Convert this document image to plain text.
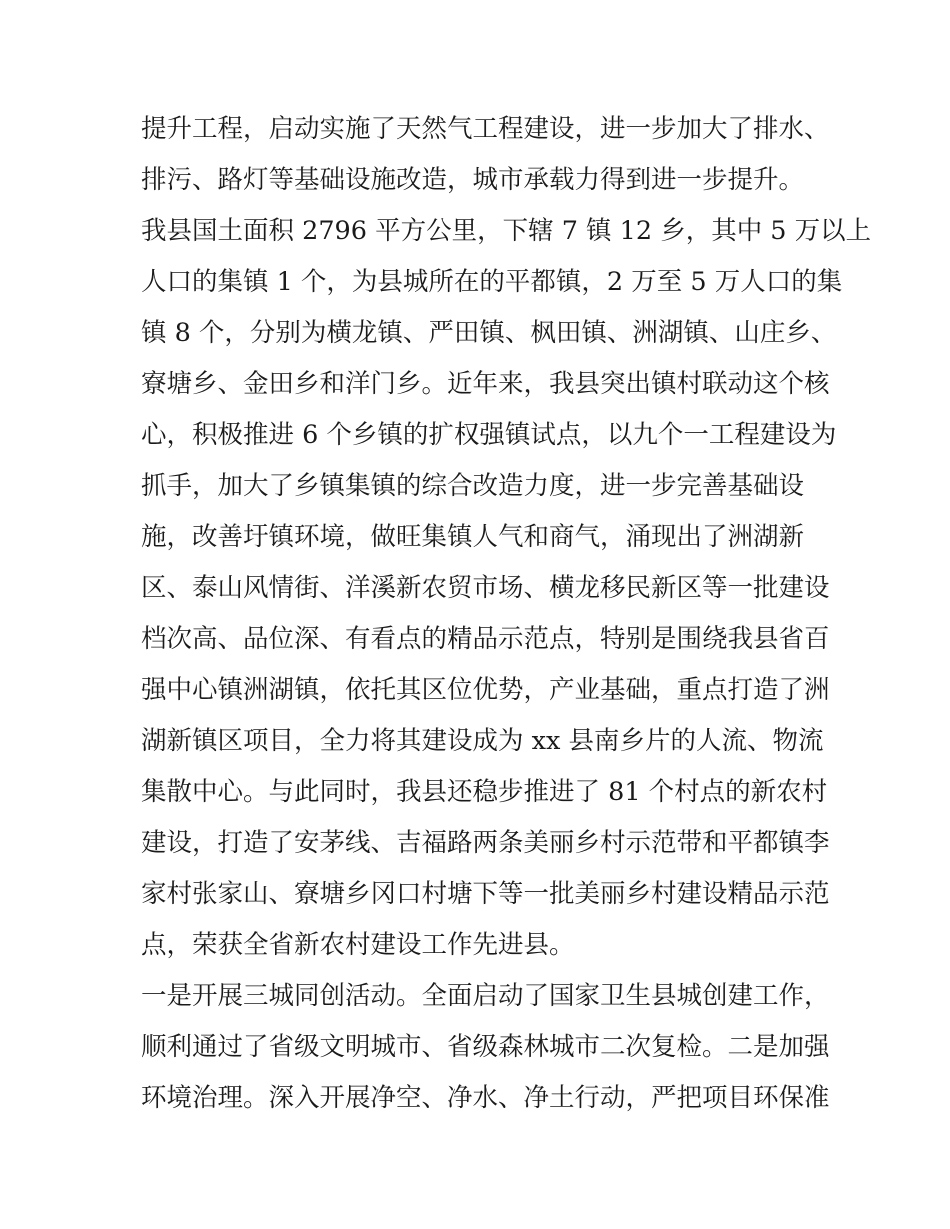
提升工程，启动实施了天然气工程建设，进一步加大了排水、
排污、路灯等基础设施改造，城市承载力得到进一步提升。
我县国土面积 2796 平方公里，下辖 7 镇 12 乡，其中 5 万以上
人口的集镇 1 个，为县城所在的平都镇，2 万至 5 万人口的集
镇 8 个，分别为横龙镇、严田镇、枫田镇、洲湖镇、山庄乡、
寮塘乡、金田乡和洋门乡。近年来，我县突出镇村联动这个核
心，积极推进 6 个乡镇的扩权强镇试点，以九个一工程建设为
抓手，加大了乡镇集镇的综合改造力度，进一步完善基础设
施，改善圩镇环境，做旺集镇人气和商气，涌现出了洲湖新
区、泰山风情街、洋溪新农贸市场、横龙移民新区等一批建设
档次高、品位深、有看点的精品示范点，特别是围绕我县省百
强中心镇洲湖镇，依托其区位优势，产业基础，重点打造了洲
湖新镇区项目，全力将其建设成为 xx 县南乡片的人流、物流
集散中心。与此同时，我县还稳步推进了 81 个村点的新农村
建设，打造了安茅线、吉福路两条美丽乡村示范带和平都镇李
家村张家山、寮塘乡冈口村塘下等一批美丽乡村建设精品示范
点，荣获全省新农村建设工作先进县。
一是开展三城同创活动。全面启动了国家卫生县城创建工作，
顺利通过了省级文明城市、省级森林城市二次复检。二是加强
环境治理。深入开展净空、净水、净土行动，严把项目环保准
